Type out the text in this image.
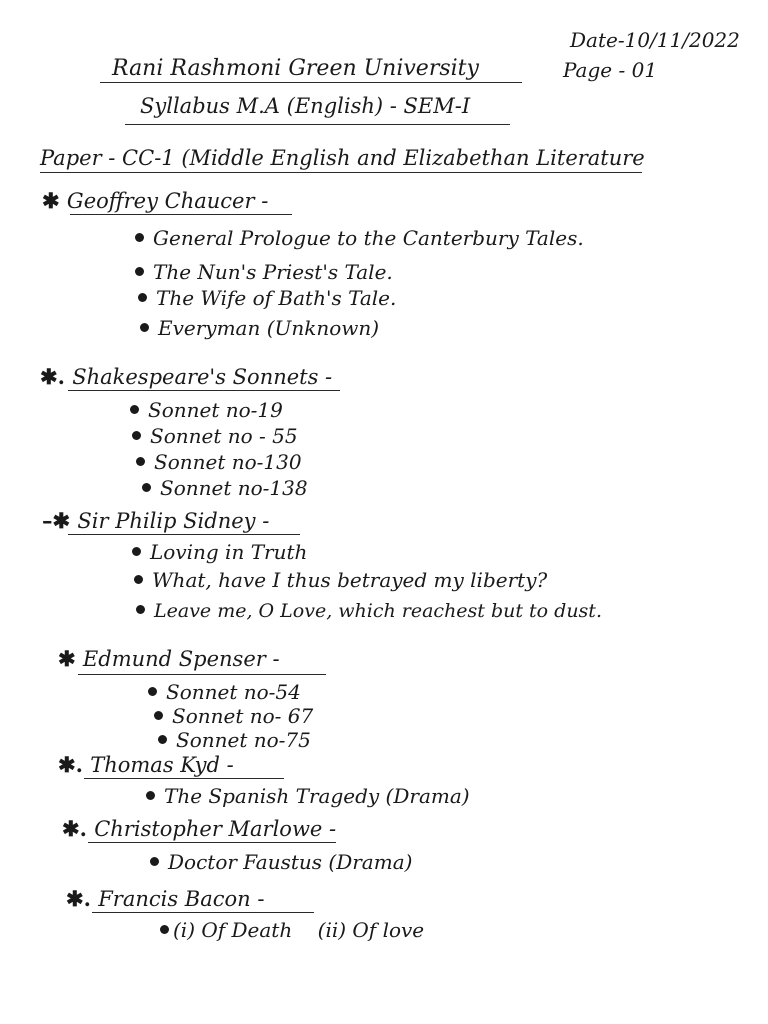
Date-10/11/2022
Page - 01
Rani Rashmoni Green University
Syllabus M.A (English) - SEM-I
Paper - CC-1 (Middle English and Elizabethan Literature
✱ Geoffrey Chaucer -
General Prologue to the Canterbury Tales.
The Nun's Priest's Tale.
The Wife of Bath's Tale.
Everyman (Unknown)
✱. Shakespeare's Sonnets -
Sonnet no-19
Sonnet no - 55
Sonnet no-130
Sonnet no-138
–✱ Sir Philip Sidney -
Loving in Truth
What, have I thus betrayed my liberty?
Leave me, O Love, which reachest but to dust.
✱ Edmund Spenser -
Sonnet no-54
Sonnet no- 67
Sonnet no-75
✱. Thomas Kyd -
The Spanish Tragedy (Drama)
✱. Christopher Marlowe -
Doctor Faustus (Drama)
✱. Francis Bacon -
(i) Of Death    (ii) Of love
